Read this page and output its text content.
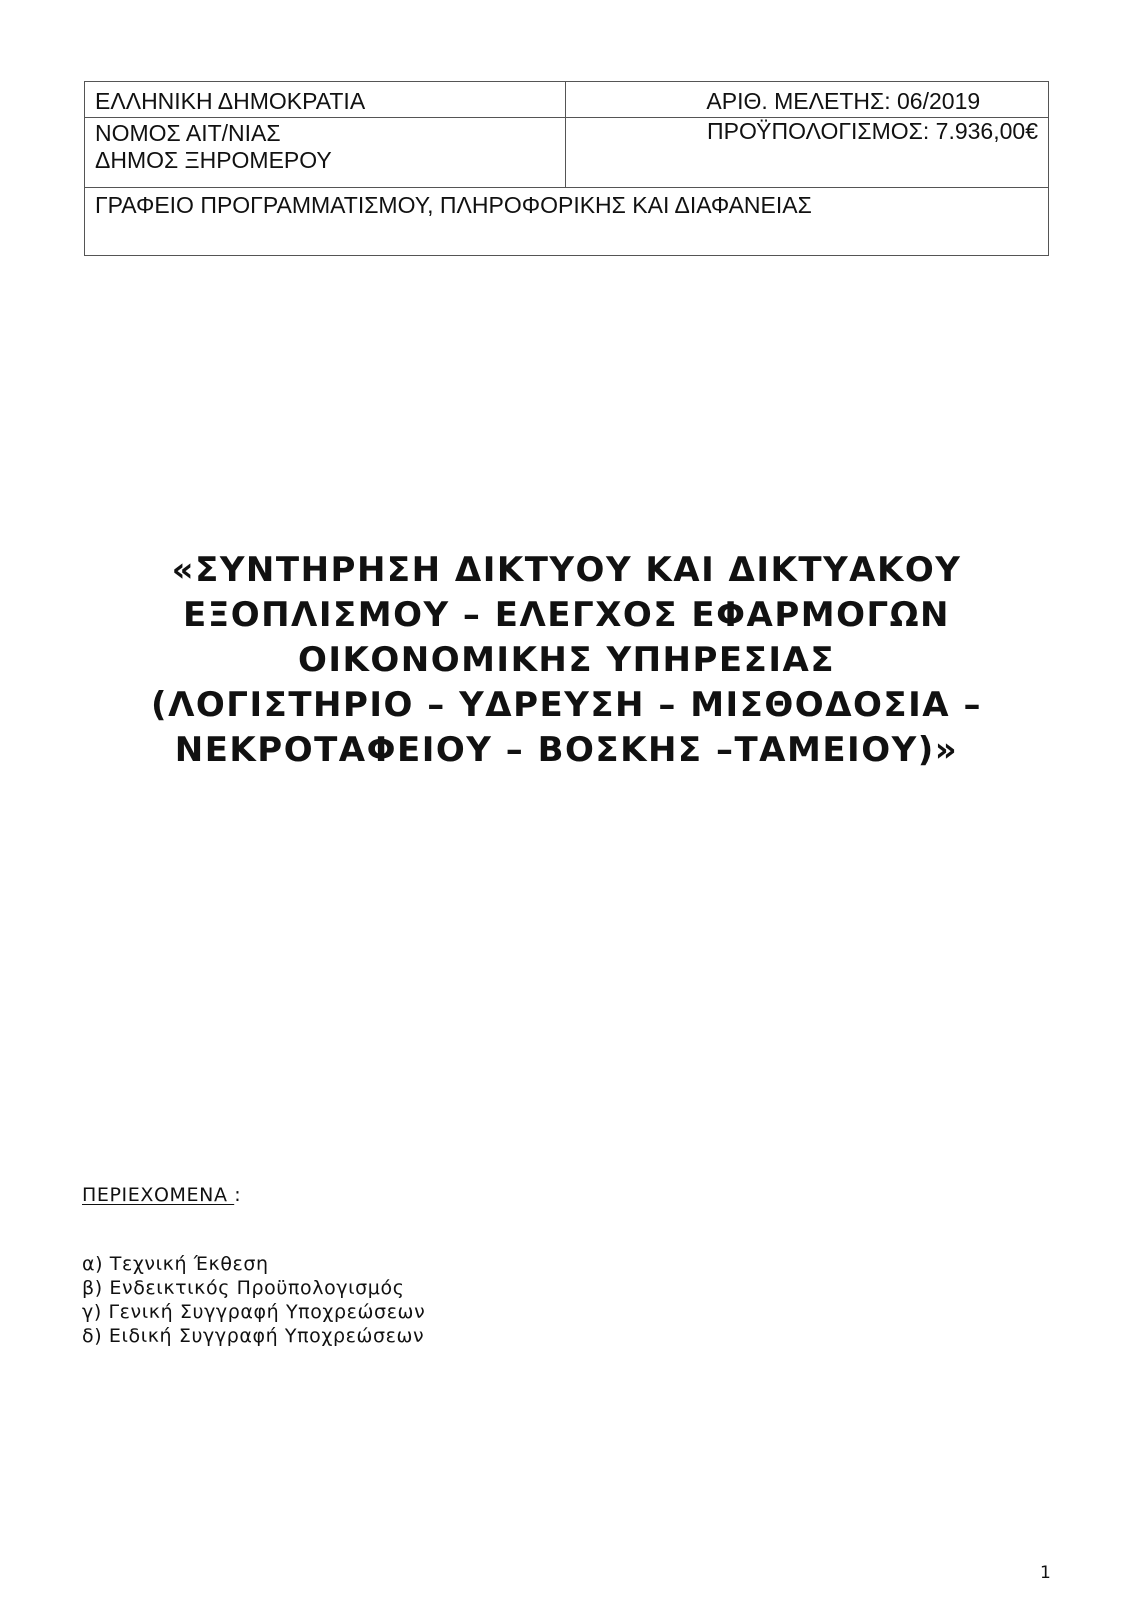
ΕΛΛΗΝΙΚΗ ΔΗΜΟΚΡΑΤΙΑ	ΑΡΙΘ. ΜΕΛΕΤΗΣ: 06/2019

ΝΟΜΟΣ ΑΙΤ/ΝΙΑΣ
ΔΗΜΟΣ ΞΗΡΟΜΕΡΟΥ	ΠΡΟΫΠΟΛΟΓΙΣΜΟΣ: 7.936,00€

ΓΡΑΦΕΙΟ ΠΡΟΓΡΑΜΜΑΤΙΣΜΟΥ, ΠΛΗΡΟΦΟΡΙΚΗΣ ΚΑΙ ΔΙΑΦΑΝΕΙΑΣ	
«ΣΥΝΤΗΡΗΣΗ ΔΙΚΤΥΟΥ ΚΑΙ ΔΙΚΤΥΑΚΟΥ
ΕΞΟΠΛΙΣΜΟΥ – ΕΛΕΓΧΟΣ ΕΦΑΡΜΟΓΩΝ
ΟΙΚΟΝΟΜΙΚΗΣ ΥΠΗΡΕΣΙΑΣ
(ΛΟΓΙΣΤΗΡΙΟ – ΥΔΡΕΥΣΗ – ΜΙΣΘΟΔΟΣΙΑ –
ΝΕΚΡΟΤΑΦΕΙΟΥ – ΒΟΣΚΗΣ –ΤΑΜΕΙΟΥ)»
ΠΕΡΙΕΧΟΜΕΝΑ :
α) Τεχνική Έκθεση
β) Ενδεικτικός Προϋπολογισμός
γ) Γενική Συγγραφή Υποχρεώσεων
δ) Ειδική Συγγραφή Υποχρεώσεων
1
